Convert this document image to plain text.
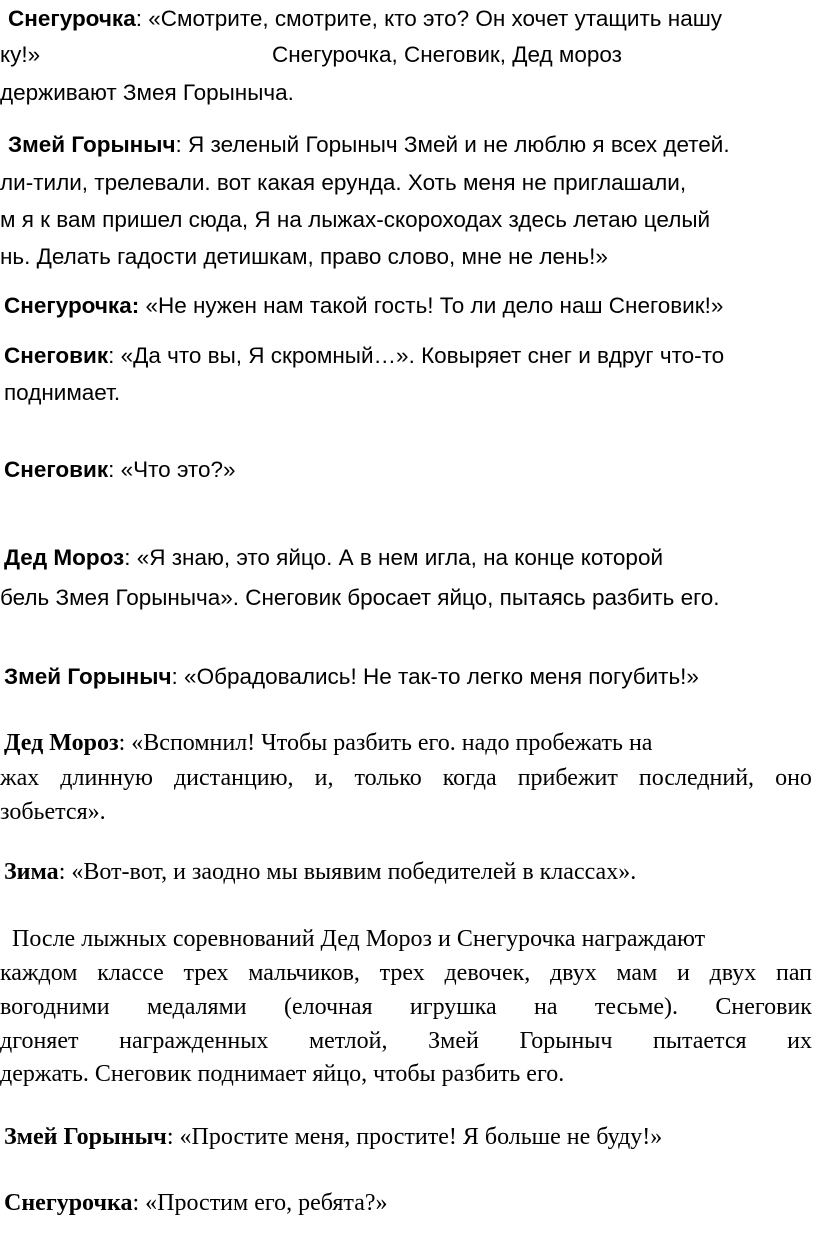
Снегурочка: «Смотрите, смотрите, кто это? Он хочет утащить нашу

ку!»	Снегурочка, Снеговик, Дед мороз

держивают Змея Горыныча.

Змей Горыныч: Я зеленый Горыныч Змей и не люблю я всех детей.

ли-тили, трелевали. вот какая ерунда. Хоть меня не приглашали,

м я к вам пришел сюда, Я на лыжах-скороходах здесь летаю целый

нь. Делать гадости детишкам, право слово, мне не лень!»

Снегурочка: «Не нужен нам такой гость! То ли дело наш Снеговик!»

Снеговик: «Да что вы, Я скромный…». Ковыряет снег и вдруг что-то

поднимает.

Снеговик: «Что это?»

Дед Мороз: «Я знаю, это яйцо. А в нем игла, на конце которой

бель Змея Горыныча». Снеговик бросает яйцо, пытаясь разбить его.

Змей Горыныч: «Обрадовались! Не так-то легко меня погубить!»

Дед Мороз: «Вспомнил! Чтобы разбить его. надо пробежать на

жах длинную дистанцию, и, только когда прибежит последний, оно

зобьется».

Зима: «Вот-вот, и заодно мы выявим победителей в классах».

После лыжных соревнований Дед Мороз и Снегурочка награждают

каждом классе трех мальчиков, трех девочек, двух мам и двух пап

вогодними медалями (елочная игрушка на тесьме). Снеговик

дгоняет награжденных метлой, Змей Горыныч пытается их

держать. Снеговик поднимает яйцо, чтобы разбить его.

Змей Горыныч: «Простите меня, простите! Я больше не буду!»

Снегурочка: «Простим его, ребята?»
